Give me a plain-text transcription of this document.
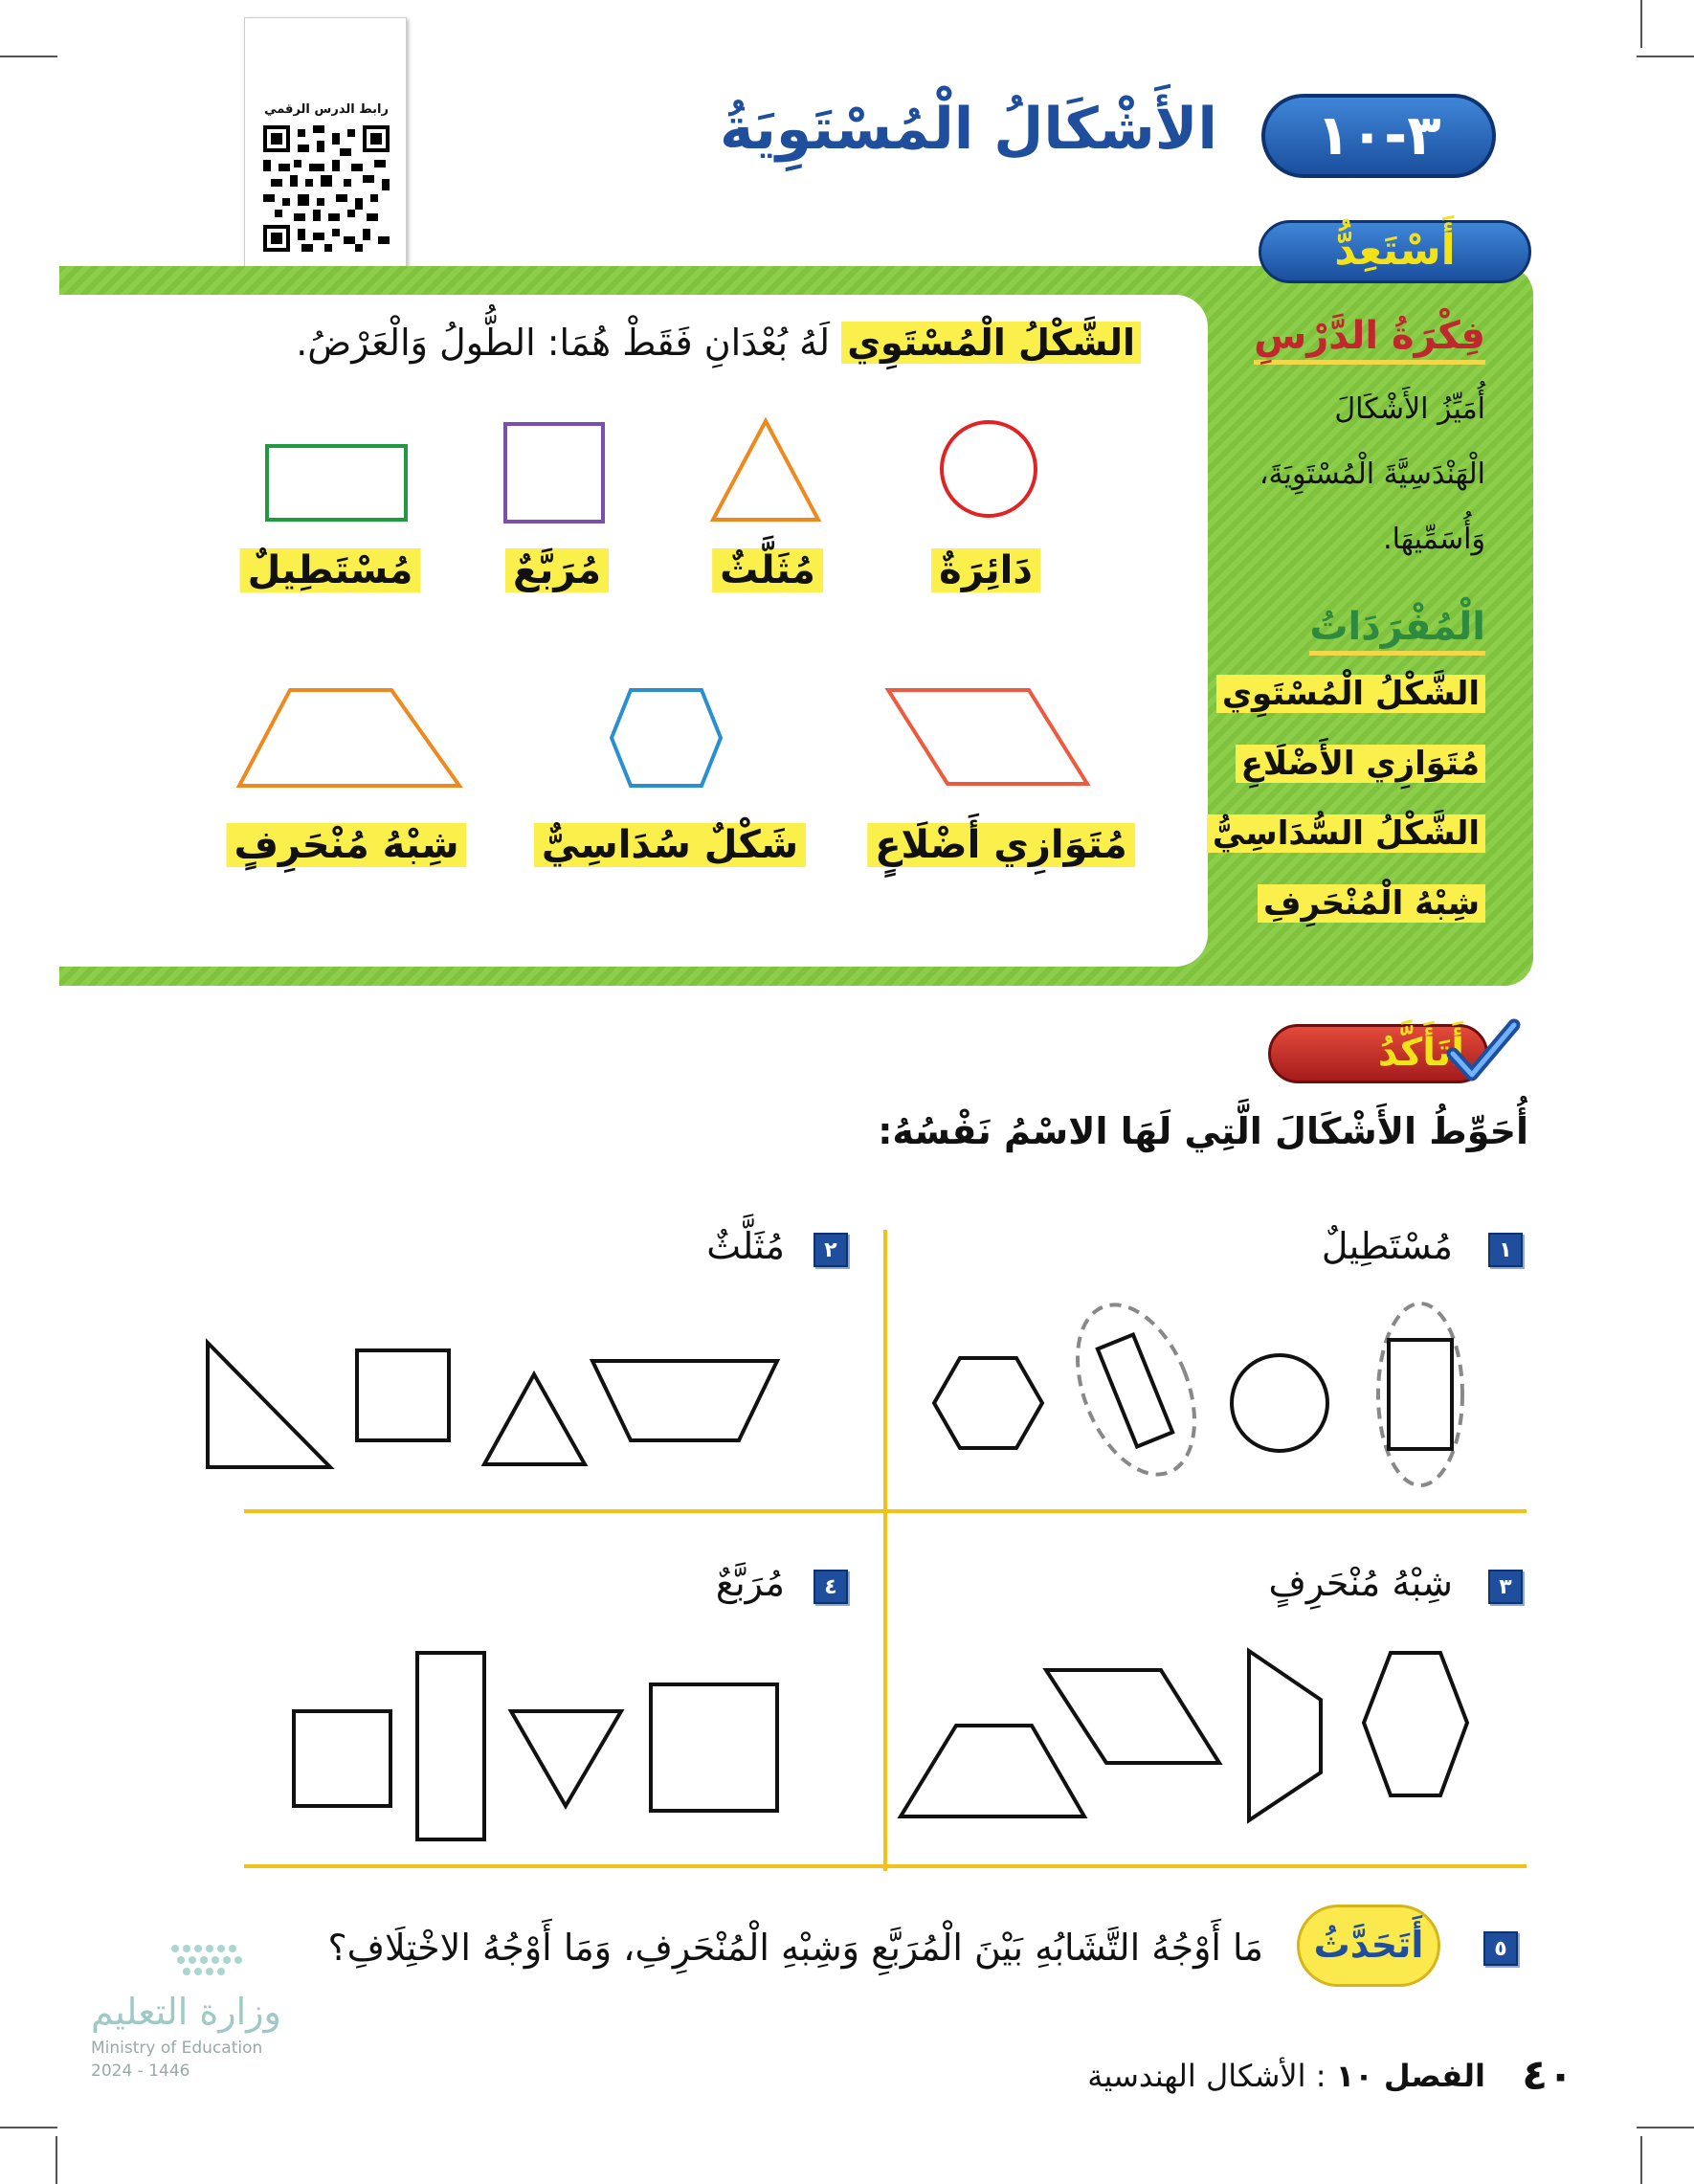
رابط الدرس الرقمي	٣-١٠
الأَشْكَالُ الْمُسْتَوِيَةُ
أَسْتَعِدُّ
فِكْرَةُ الدَّرْسِ
أُمَيِّزُ الأَشْكَالَ
الْهَنْدَسِيَّةَ الْمُسْتَوِيَةَ،
وَأُسَمِّيهَا.
الْمُفْرَدَاتُ
الشَّكْلُ الْمُسْتَوِي
مُتَوَازِي الأَضْلَاعِ
الشَّكْلُ السُّدَاسِيُّ
شِبْهُ الْمُنْحَرِفِ
الشَّكْلُ الْمُسْتَوِي لَهُ بُعْدَانِ فَقَطْ هُمَا: الطُّولُ وَالْعَرْضُ.
دَائِرَةٌ
مُثَلَّثٌ
مُرَبَّعٌ
مُسْتَطِيلٌ
مُتَوَازِي أَضْلَاعٍ
شَكْلٌ سُدَاسِيٌّ
شِبْهُ مُنْحَرِفٍ
أَتَأَكَّدُ
أُحَوِّطُ الأَشْكَالَ الَّتِي لَهَا الاسْمُ نَفْسُهُ:
١
مُسْتَطِيلٌ
٢
مُثَلَّثٌ
٣
شِبْهُ مُنْحَرِفٍ
٤
مُرَبَّعٌ
٥
أَتَحَدَّثُ
مَا أَوْجُهُ التَّشَابُهِ بَيْنَ الْمُرَبَّعِ وَشِبْهِ الْمُنْحَرِفِ، وَمَا أَوْجُهُ الاخْتِلَافِ؟
وزارة التعليم
Ministry of Education
2024 - 1446	٤٠
الفصل ١٠ : الأشكال الهندسية
